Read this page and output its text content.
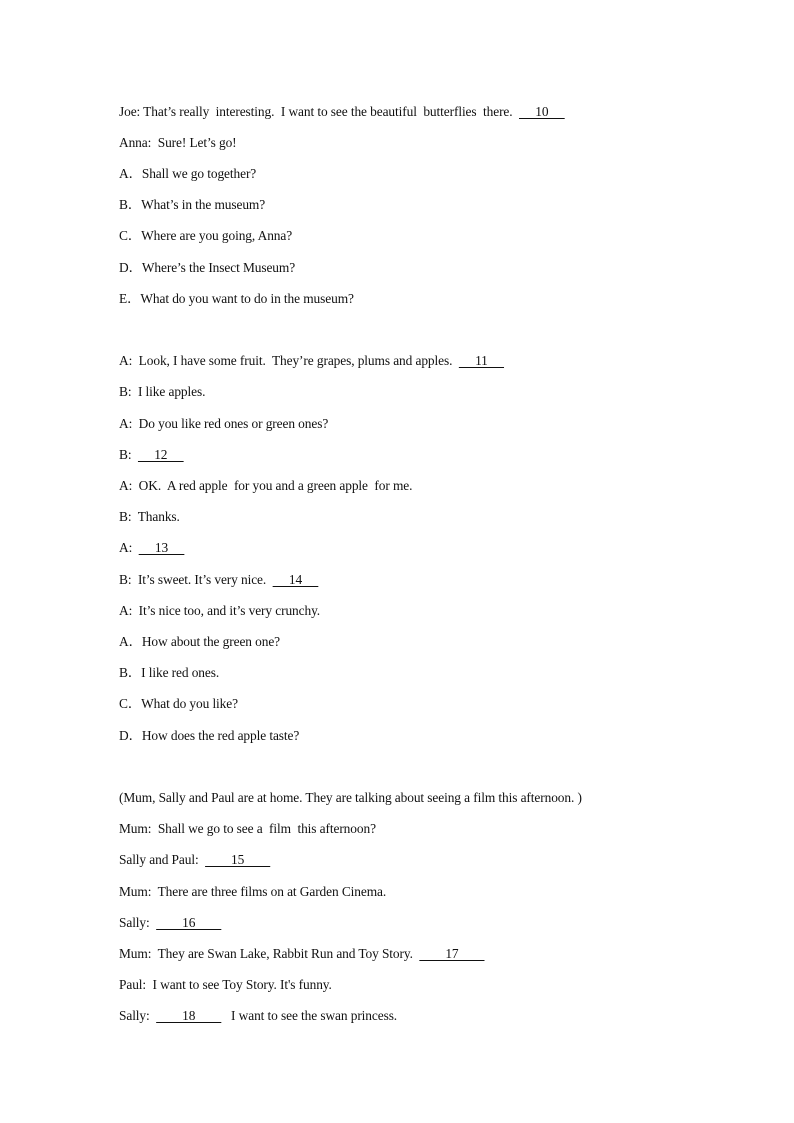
Joe: That’s really  interesting.  I want to see the beautiful  butterflies  there.       10
Anna:  Sure! Let’s go!
A．Shall we go together?
B．What’s in the museum?
C．Where are you going, Anna?
D．Where’s the Insect Museum?
E．What do you want to do in the museum?
A:  Look, I have some fruit.  They’re grapes, plums and apples.       11
B:  I like apples.
A:  Do you like red ones or green ones?
B:       12
A:  OK.  A red apple  for you and a green apple  for me.
B:  Thanks.
A:       13
B:  It’s sweet. It’s very nice.       14
A:  It’s nice too, and it’s very crunchy.
A．How about the green one?
B．I like red ones.
C．What do you like?
D．How does the red apple taste?
(Mum, Sally and Paul are at home. They are talking about seeing a film this afternoon. )
Mum:  Shall we go to see a  film  this afternoon?
Sally and Paul:          15
Mum:  There are three films on at Garden Cinema.
Sally:          16
Mum:  They are Swan Lake, Rabbit Run and Toy Story.          17
Paul:  I want to see Toy Story. It's funny.
Sally:          18           I want to see the swan princess.
